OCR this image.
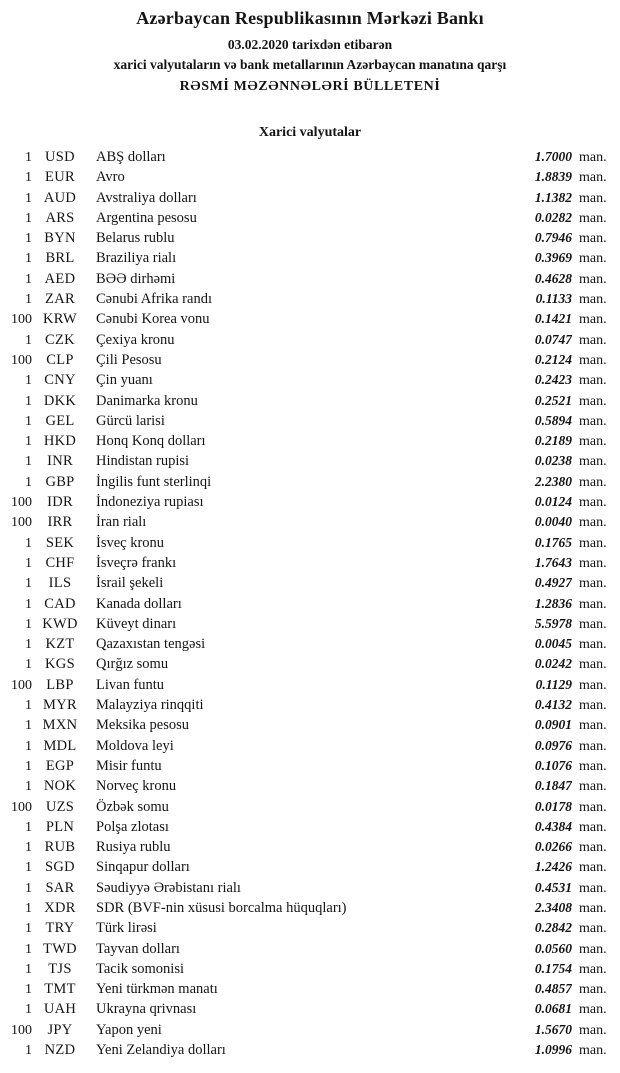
Azərbaycan Respublikasının Mərkəzi Bankı
03.02.2020 tarixdən etibarən
xarici valyutaların və bank metallarının Azərbaycan manatına qarşı
RƏSMİ MƏZƏNNƏLƏRİ BÜLLETENİ
Xarici valyutalar
1 USD	ABŞ dolları	1.7000 man.
1 EUR	Avro	1.8839 man.
1 AUD	Avstraliya dolları	1.1382 man.
1 ARS	Argentina pesosu	0.0282 man.
1 BYN	Belarus rublu	0.7946 man.
1 BRL	Braziliya rialı	0.3969 man.
1 AED	BƏƏ dirhəmi	0.4628 man.
1 ZAR	Cənubi Afrika randı	0.1133 man.
100 KRW	Cənubi Korea vonu	0.1421 man.
1 CZK	Çexiya kronu	0.0747 man.
100 CLP	Çili Pesosu	0.2124 man.
1 CNY	Çin yuanı	0.2423 man.
1 DKK	Danimarka kronu	0.2521 man.
1 GEL	Gürcü larisi	0.5894 man.
1 HKD	Honq Konq dolları	0.2189 man.
1	INR	Hindistan rupisi	0.0238 man.
1 GBP	İngilis funt sterlinqi	2.2380 man.
100	IDR	İndoneziya rupiası	0.0124 man.
100	IRR	İran rialı	0.0040 man.
1 SEK	İsveç kronu	0.1765 man.
1 CHF	İsveçrə frankı	1.7643 man.
1	ILS	İsrail şekeli	0.4927 man.
1 CAD	Kanada dolları	1.2836 man.
1 KWD	Küveyt dinarı	5.5978 man.
1 KZT	Qazaxıstan tengəsi	0.0045 man.
1 KGS	Qırğız somu	0.0242 man.
100 LBP	Livan funtu	0.1129 man.
1 MYR	Malayziya rinqqiti	0.4132 man.
1 MXN	Meksika pesosu	0.0901 man.
1 MDL	Moldova leyi	0.0976 man.
1 EGP	Misir funtu	0.1076 man.
1 NOK	Norveç kronu	0.1847 man.
100 UZS	Özbək somu	0.0178 man.
1 PLN	Polşa zlotası	0.4384 man.
1 RUB	Rusiya rublu	0.0266 man.
1 SGD	Sinqapur dolları	1.2426 man.
1 SAR	Səudiyyə Ərəbistanı rialı	0.4531 man.
1 XDR	SDR (BVF-nin xüsusi borcalma hüquqları)	2.3408 man.
1 TRY	Türk lirəsi	0.2842 man.
1 TWD	Tayvan dolları	0.0560 man.
1	TJS	Tacik somonisi	0.1754 man.
1 TMT	Yeni türkmən manatı	0.4857 man.
1 UAH	Ukrayna qrivnası	0.0681 man.
100	JPY	Yapon yeni	1.5670 man.
1 NZD	Yeni Zelandiya dolları	1.0996 man.
